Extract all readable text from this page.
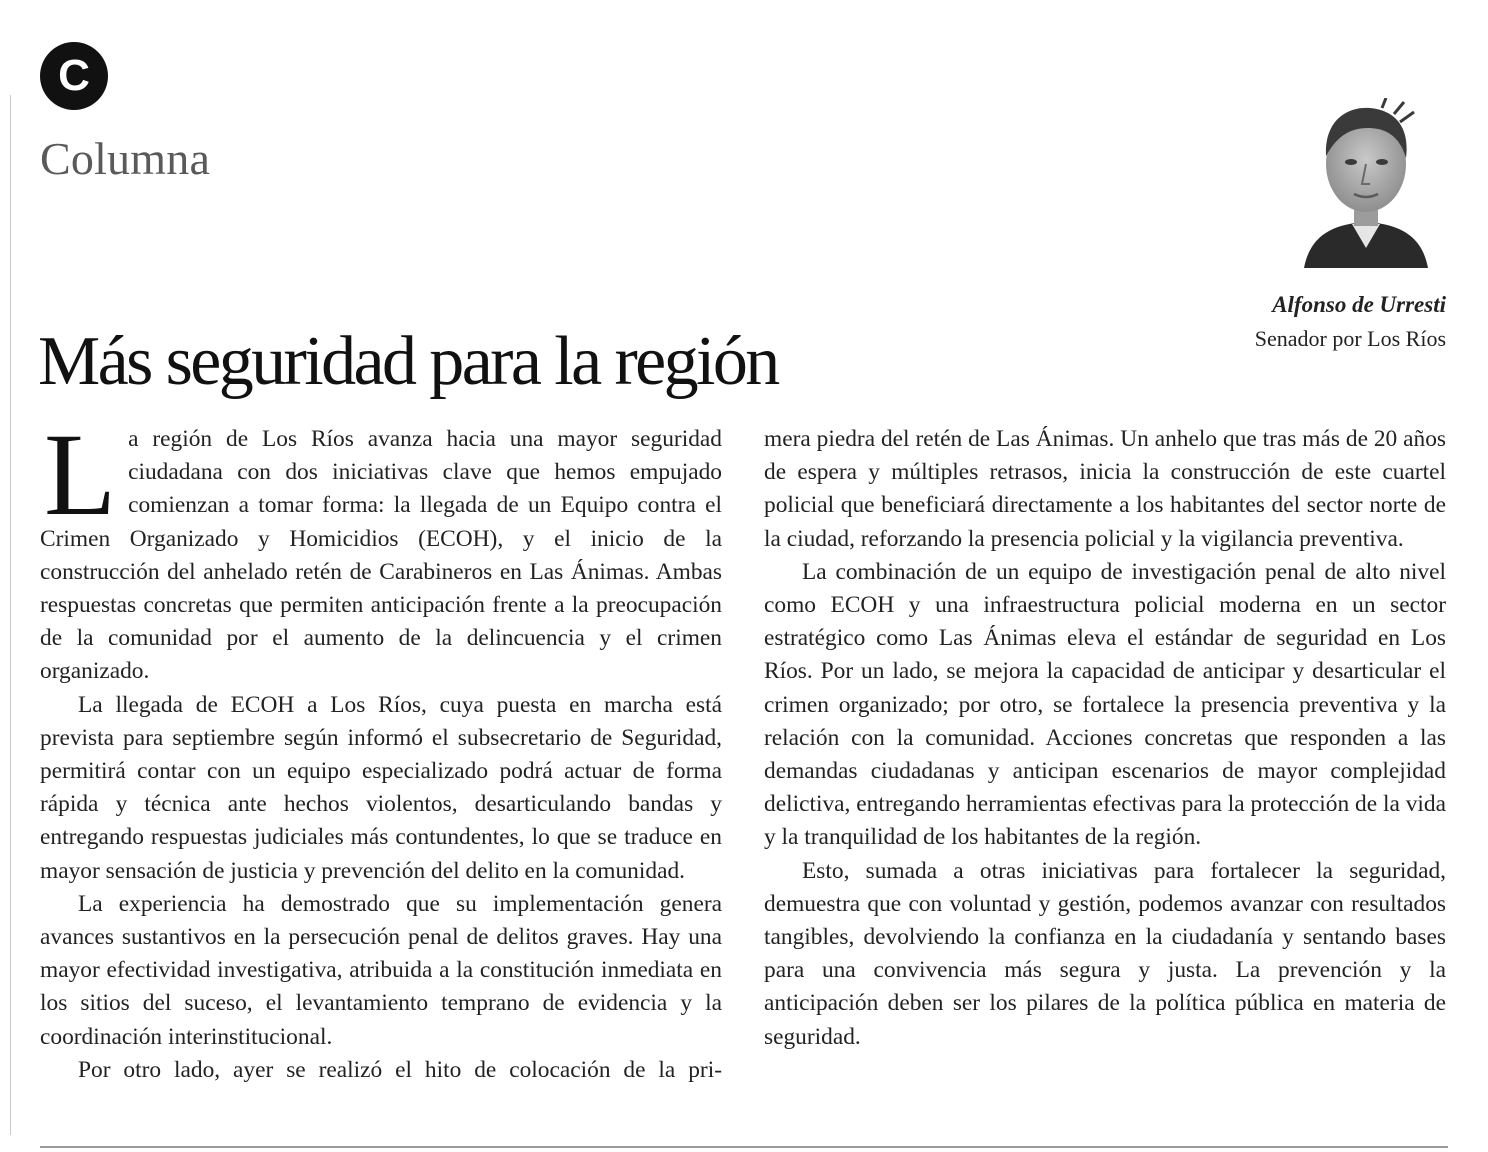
C
Columna
Alfonso de Urresti
Senador por Los Ríos
Más seguridad para la región

La región de Los Ríos avanza hacia una mayor seguridad ciudadana con dos iniciativas clave que hemos empujado comienzan a tomar forma: la llegada de un Equipo contra el Crimen Organizado y Homicidios (ECOH), y el inicio de la construcción del anhelado retén de Carabineros en Las Ánimas. Ambas respuestas concretas que permiten anticipación frente a la preocupación de la comunidad por el aumento de la delincuencia y el crimen organizado.

La llegada de ECOH a Los Ríos, cuya puesta en marcha está prevista para septiembre según informó el subsecretario de Seguridad, permitirá contar con un equipo especializado podrá actuar de forma rápida y técnica ante hechos violentos, desarticulando bandas y entregando respuestas judiciales más contundentes, lo que se traduce en mayor sensación de justicia y prevención del delito en la comunidad.

La experiencia ha demostrado que su implementación genera avances sustantivos en la persecución penal de delitos graves. Hay una mayor efectividad investigativa, atribuida a la constitución inmediata en los sitios del suceso, el levantamiento temprano de evidencia y la coordinación interinstitucional.

Por otro lado, ayer se realizó el hito de colocación de la pri-

mera piedra del retén de Las Ánimas. Un anhelo que tras más de 20 años de espera y múltiples retrasos, inicia la construcción de este cuartel policial que beneficiará directamente a los habitantes del sector norte de la ciudad, reforzando la presencia policial y la vigilancia preventiva.

La combinación de un equipo de investigación penal de alto nivel como ECOH y una infraestructura policial moderna en un sector estratégico como Las Ánimas eleva el estándar de seguridad en Los Ríos. Por un lado, se mejora la capacidad de anticipar y desarticular el crimen organizado; por otro, se fortalece la presencia preventiva y la relación con la comunidad. Acciones concretas que responden a las demandas ciudadanas y anticipan escenarios de mayor complejidad delictiva, entregando herramientas efectivas para la protección de la vida y la tranquilidad de los habitantes de la región.

Esto, sumada a otras iniciativas para fortalecer la seguridad, demuestra que con voluntad y gestión, podemos avanzar con resultados tangibles, devolviendo la confianza en la ciudadanía y sentando bases para una convivencia más segura y justa. La prevención y la anticipación deben ser los pilares de la política pública en materia de seguridad.
